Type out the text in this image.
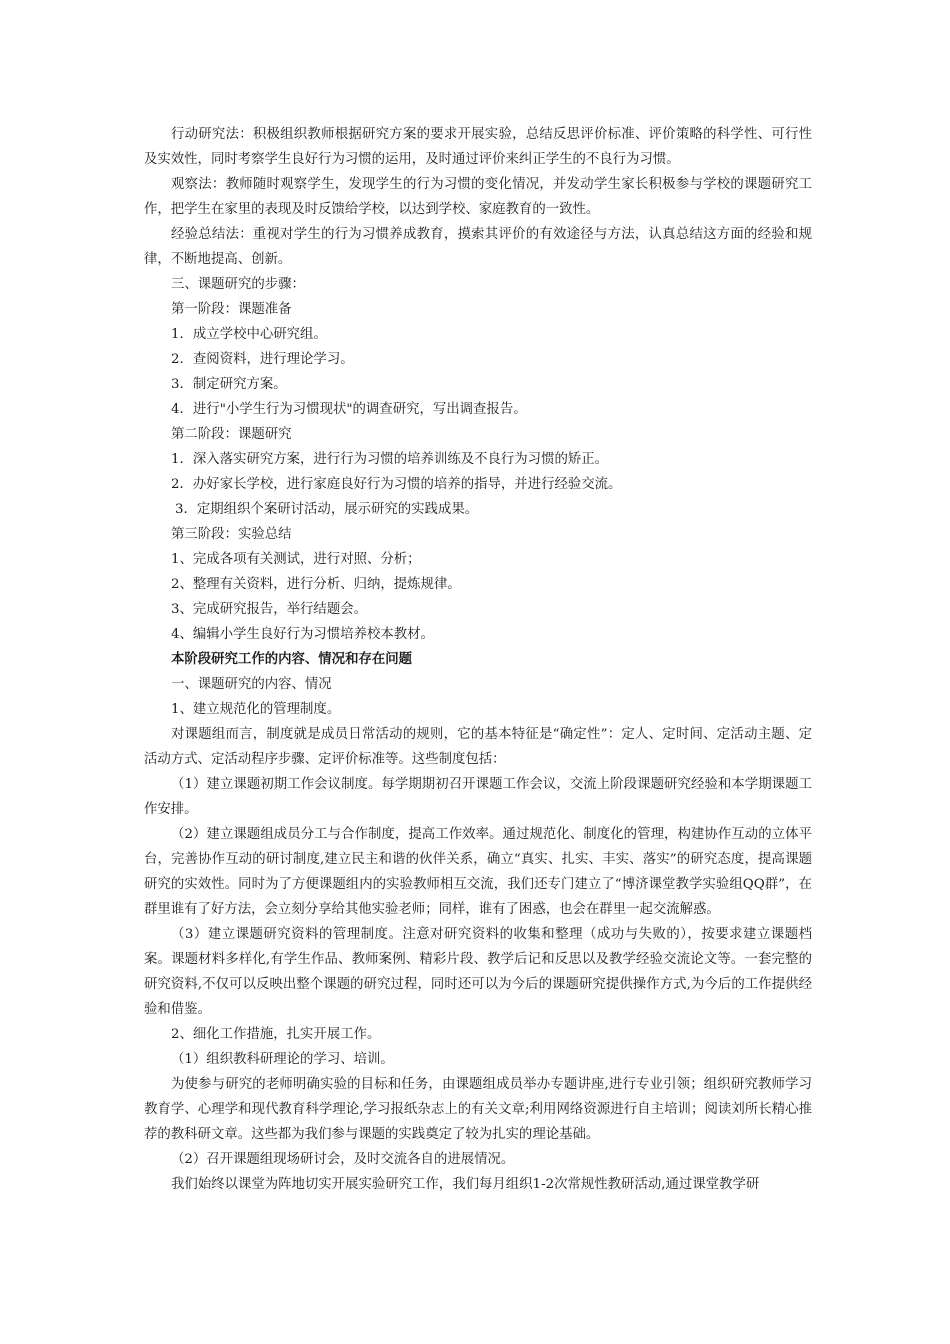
行动研究法：积极组织教师根据研究方案的要求开展实验，总结反思评价标准、评价策略的科学性、可行性及实效性，同时考察学生良好行为习惯的运用，及时通过评价来纠正学生的不良行为习惯。

观察法：教师随时观察学生，发现学生的行为习惯的变化情况，并发动学生家长积极参与学校的课题研究工作，把学生在家里的表现及时反馈给学校，以达到学校、家庭教育的一致性。

经验总结法：重视对学生的行为习惯养成教育，摸索其评价的有效途径与方法，认真总结这方面的经验和规律，不断地提高、创新。

三、课题研究的步骤：

第一阶段：课题准备

1．成立学校中心研究组。

2．查阅资料，进行理论学习。

3．制定研究方案。

4．进行"小学生行为习惯现状"的调查研究，写出调查报告。

第二阶段：课题研究

1．深入落实研究方案，进行行为习惯的培养训练及不良行为习惯的矫正。

2．办好家长学校，进行家庭良好行为习惯的培养的指导，并进行经验交流。

3．定期组织个案研讨活动，展示研究的实践成果。

第三阶段：实验总结

1、完成各项有关测试，进行对照、分析；

2、整理有关资料，进行分析、归纳，提炼规律。

3、完成研究报告，举行结题会。

4、编辑小学生良好行为习惯培养校本教材。

本阶段研究工作的内容、情况和存在问题

一、课题研究的内容、情况

1、建立规范化的管理制度。

对课题组而言，制度就是成员日常活动的规则，它的基本特征是“确定性”：定人、定时间、定活动主题、定活动方式、定活动程序步骤、定评价标准等。这些制度包括：

（1）建立课题初期工作会议制度。每学期期初召开课题工作会议，交流上阶段课题研究经验和本学期课题工作安排。

（2）建立课题组成员分工与合作制度，提高工作效率。通过规范化、制度化的管理，构建协作互动的立体平台，完善协作互动的研讨制度,建立民主和谐的伙伴关系，确立“真实、扎实、丰实、落实”的研究态度，提高课题研究的实效性。同时为了方便课题组内的实验教师相互交流，我们还专门建立了“博济课堂教学实验组QQ群”，在群里谁有了好方法，会立刻分享给其他实验老师；同样，谁有了困惑，也会在群里一起交流解惑。

（3）建立课题研究资料的管理制度。注意对研究资料的收集和整理（成功与失败的），按要求建立课题档案。课题材料多样化,有学生作品、教师案例、精彩片段、教学后记和反思以及教学经验交流论文等。一套完整的研究资料,不仅可以反映出整个课题的研究过程，同时还可以为今后的课题研究提供操作方式,为今后的工作提供经验和借鉴。

2、细化工作措施，扎实开展工作。

（1）组织教科研理论的学习、培训。

为使参与研究的老师明确实验的目标和任务，由课题组成员举办专题讲座,进行专业引领；组织研究教师学习教育学、心理学和现代教育科学理论,学习报纸杂志上的有关文章;利用网络资源进行自主培训；阅读刘所长精心推荐的教科研文章。这些都为我们参与课题的实践奠定了较为扎实的理论基础。

（2）召开课题组现场研讨会，及时交流各自的进展情况。

我们始终以课堂为阵地切实开展实验研究工作，我们每月组织1-2次常规性教研活动,通过课堂教学研
